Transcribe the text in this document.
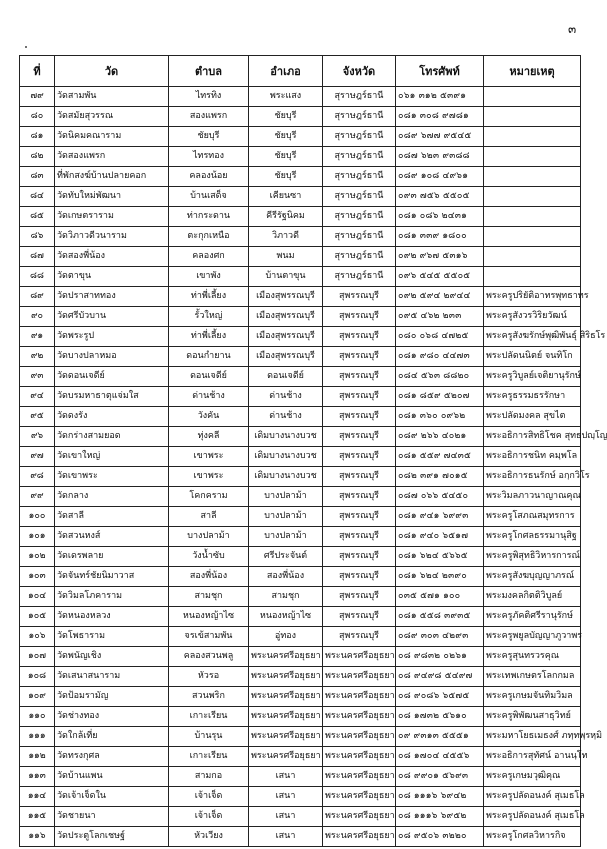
๓
ที่	วัด	ตำบล	อำเภอ	จังหวัด	โทรศัพท์	หมายเหตุ
๗๙	วัดสามพัน	ไทรทิง	พระแสง	สุราษฎร์ธานี	๐๖๑ ๓๑๒ ๕๓๙๑	
๘๐	วัดสมัยสุวรรณ	สองแพรก	ชัยบุรี	สุราษฎร์ธานี	๐๘๑ ๓๐๘ ๙๗๘๑	
๘๑	วัดนิคมคณาราม	ชัยบุรี	ชัยบุรี	สุราษฎร์ธานี	๐๘๙ ๖๗๗ ๙๕๔๕	
๘๒	วัดสองแพรก	ไทรทอง	ชัยบุรี	สุราษฎร์ธานี	๐๘๗ ๖๒๓ ๙๓๘๘	
๘๓	ที่พักสงฆ์บ้านปลายคอก	คลองน้อย	ชัยบุรี	สุราษฎร์ธานี	๐๘๙ ๑๐๘ ๔๙๖๑	
๘๔	วัดทับใหม่พัฒนา	บ้านเสด็จ	เคียนซา	สุราษฎร์ธานี	๐๙๓ ๗๕๖ ๕๕๐๕	
๘๕	วัดเกษตราราม	ท่ากระดาน	คีรีรัฐนิคม	สุราษฎร์ธานี	๐๘๑ ๐๘๖ ๒๔๓๑	
๘๖	วัดวิภาวดีวนาราม	ตะกุกเหนือ	วิภาวดี	สุราษฎร์ธานี	๐๘๑ ๓๓๙ ๑๘๐๐	
๘๗	วัดสองพี่น้อง	คลองศก	พนม	สุราษฎร์ธานี	๐๙๒ ๙๖๗ ๕๓๑๖	
๘๘	วัดตาขุน	เขาพัง	บ้านตาขุน	สุราษฎร์ธานี	๐๙๖ ๕๔๕ ๕๕๐๕	
๘๙	วัดปราสาททอง	ท่าพี่เลี้ยง	เมืองสุพรรณบุรี	สุพรรณบุรี	๐๙๒ ๕๙๔ ๒๙๔๔	พระครูปริยัติอาทรพุทธาทร
๙๐	วัดศรีบัวบาน	รั้วใหญ่	เมืองสุพรรณบุรี	สุพรรณบุรี	๐๙๕ ๔๖๒ ๒๓๓	พระครูสังวรวิริยวัฒน์
๙๑	วัดพระรูป	ท่าพี่เลี้ยง	เมืองสุพรรณบุรี	สุพรรณบุรี	๐๘๐ ๐๖๘ ๔๗๒๕	พระครูสังฆรักษ์พุฒิพันธุ์ สิริธโร
๙๒	วัดบางปลาหมอ	ดอนกำยาน	เมืองสุพรรณบุรี	สุพรรณบุรี	๐๘๑ ๙๘๐ ๔๔๗๓	พระปลัดนนิตย์ จนทิโก
๙๓	วัดดอนเจดีย์	ดอนเจดีย์	ดอนเจดีย์	สุพรรณบุรี	๐๘๔ ๕๖๓ ๘๘๒๐	พระครูวิบูลย์เจติยานุรักษ์
๙๔	วัดบรมหาธาตุแจ่มใส	ด่านช้าง	ด่านช้าง	สุพรรณบุรี	๐๘๑ ๘๕๙ ๕๒๐๗	พระครูธรรมธรรักษา
๙๕	วัดดงรัง	วังคัน	ด่านช้าง	สุพรรณบุรี	๐๘๑ ๓๖๐ ๐๙๖๒	พระปลัดมงคล สุขไต
๙๖	วัดกร่างสามยอด	ทุ่งคลี	เดิมบางนางบวช	สุพรรณบุรี	๐๘๙ ๒๖๖ ๔๐๒๑	พระอธิการสิทธิโชค สุทธปญฺโญ
๙๗	วัดเขาใหญ่	เขาพระ	เดิมบางนางบวช	สุพรรณบุรี	๐๘๑ ๕๕๙ ๗๔๓๕	พระอธิการชนิท คมฺพโล
๙๘	วัดเขาพระ	เขาพระ	เดิมบางนางบวช	สุพรรณบุรี	๐๘๒ ๓๙๑ ๗๐๑๕	พระอธิการธนรักษ์ อกฺกวิโร
๙๙	วัดกลาง	โคกคราม	บางปลาม้า	สุพรรณบุรี	๐๘๗ ๐๖๖ ๕๔๕๐	พระวิมลภาวนาญาณคุณ
๑๐๐	วัดสาลี	สาลี	บางปลาม้า	สุพรรณบุรี	๐๘๑ ๙๔๑ ๖๙๙๓	พระครูโสภณสมุทรการ
๑๐๑	วัดสวนหงส์	บางปลาม้า	บางปลาม้า	สุพรรณบุรี	๐๘๑ ๙๔๐ ๖๕๑๗	พระครูโกศลธรรมานุสิฐ
๑๐๒	วัดเดรพลาย	วังน้ำซับ	ศรีประจันต์	สุพรรณบุรี	๐๘๑ ๖๒๔ ๕๖๖๕	พระครูพิสุทธิวิหารการณ์
๑๐๓	วัดจันทร์ชัยนิมาวาส	สองพี่น้อง	สองพี่น้อง	สุพรรณบุรี	๐๘๑ ๖๒๔ ๒๓๙๐	พระครูสังฆบุญญาภรณ์
๑๐๔	วัดวิมลโภคาราม	สามชุก	สามชุก	สุพรรณบุรี	๐๓๕ ๕๗๑ ๑๐๐	พระมงคลกิตติวิบูลย์
๑๐๕	วัดหนองหลวง	หนองหญ้าไซ	หนองหญ้าไซ	สุพรรณบุรี	๐๘๑ ๕๕๘ ๓๙๓๕	พระครูภัคติศรีรานุรักษ์
๑๐๖	วัดโพธาราม	จรเข้สามพัน	อู่ทอง	สุพรรณบุรี	๐๘๙ ๓๐๓ ๔๒๙๓	พระครูพยูลบัญญาภูวาพร
๑๐๗	วัดพนัญเชิง	คลองสวนพลู	พระนครศรีอยุธยา	พระนครศรีอยุธยา	๐๘ ๙๘๓๒ ๐๒๖๑	พระครูสุนทรวรคุณ
๑๐๘	วัดเสนาสนาราม	หัวรอ	พระนครศรีอยุธยา	พระนครศรีอยุธยา	๐๘ ๙๔๙๘ ๕๔๙๗	พระเทพเกษตรโลกกมล
๑๐๙	วัดป้อมรามัญ	สวนพริก	พระนครศรีอยุธยา	พระนครศรีอยุธยา	๐๘ ๙๐๘๖ ๖๕๗๕	พระครูเกษมจันทิมวิมล
๑๑๐	วัดช่างทอง	เกาะเรียน	พระนครศรีอยุธยา	พระนครศรีอยุธยา	๐๘ ๑๗๓๒ ๕๖๑๐	พระครูพิพัฒนสาธุวิทย์
๑๑๑	วัดใกล้เที่ย	บ้านรุน	พระนครศรีอยุธยา	พระนครศรีอยุธยา	๐๙ ๙๓๑๓ ๕๕๕๑	พระมหาโยธเมธงศ์ ภทฺทพฺรหฺมิ
๑๑๒	วัดทรงกุศล	เกาะเรียน	พระนครศรีอยุธยา	พระนครศรีอยุธยา	๐๘ ๑๗๐๔ ๔๕๕๖	พระอธิการสุทัศน์ อานนฺโท
๑๑๓	วัดบ้านแพน	สามกอ	เสนา	พระนครศรีอยุธยา	๐๘ ๙๙๐๑ ๕๖๙๓	พระครูเกษมวุฒิคุณ
๑๑๔	วัดเจ้าเจ็ดใน	เจ้าเจ็ด	เสนา	พระนครศรีอยุธยา	๐๘ ๑๑๑๖ ๖๙๔๒	พระครูปลัดอนงค์ สุเมธโล
๑๑๕	วัดชายนา	เจ้าเจ็ด	เสนา	พระนครศรีอยุธยา	๐๘ ๑๑๑๖ ๖๙๕๒	พระครูปลัดอนงค์ สุเมธโล
๑๑๖	วัดประตูโลกเชษฐ์	หัวเวียง	เสนา	พระนครศรีอยุธยา	๐๘ ๙๕๐๖ ๓๒๒๐	พระครูโกศลวิหารกิจ
